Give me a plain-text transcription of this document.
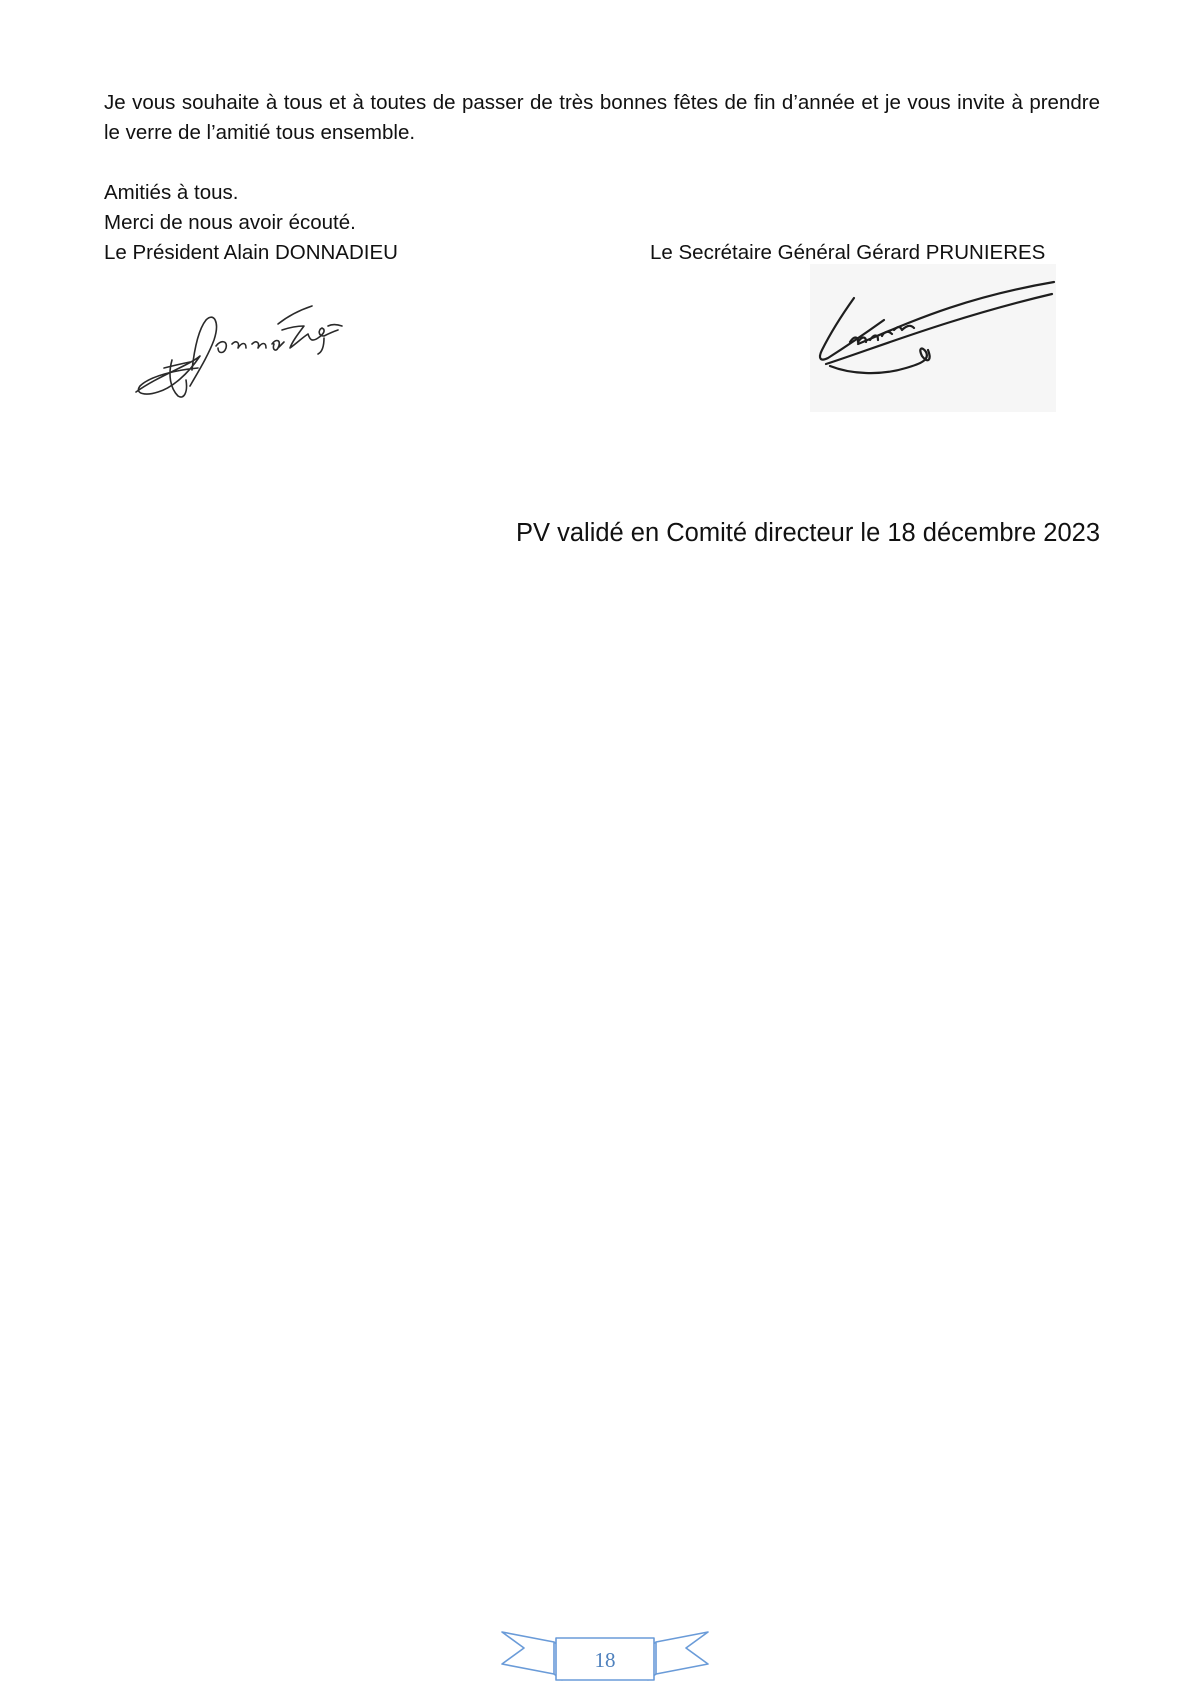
Je vous souhaite à tous et à toutes de passer de très bonnes fêtes de fin d’année et je vous invite à prendre le verre de l’amitié tous ensemble.

Amitiés à tous.

Merci de nous avoir écouté.

Le Président Alain DONNADIEU	Le Secrétaire Général Gérard PRUNIERES

PV validé en Comité directeur le 18 décembre 2023

18
